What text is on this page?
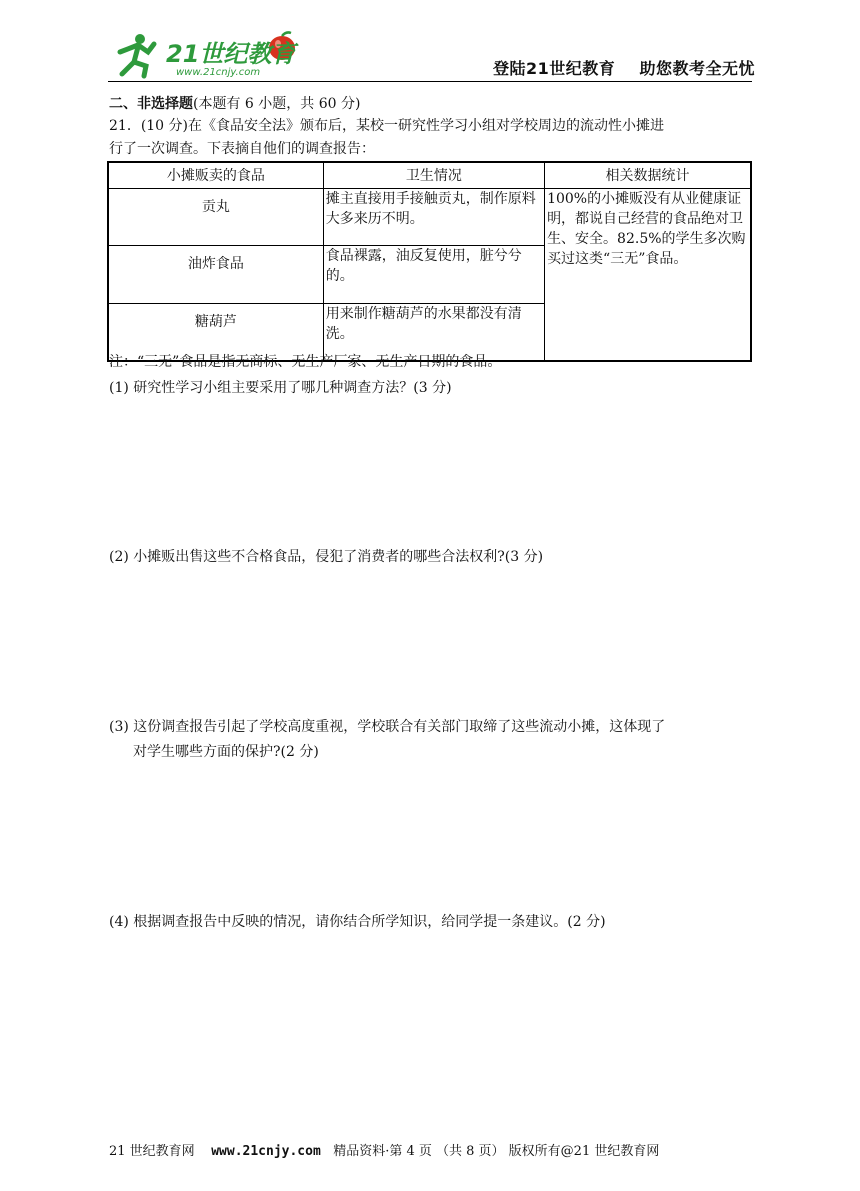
21世纪教育
www.21cnjy.com	登陆21世纪教育    助您教考全无忧
二、非选择题(本题有 6 小题，共 60 分)
21．(10 分)在《食品安全法》颁布后，某校一研究性学习小组对学校周边的流动性小摊进
行了一次调查。下表摘自他们的调查报告：
小摊贩卖的食品	卫生情况	相关数据统计
贡丸	摊主直接用手接触贡丸，制作原料大多来历不明。	100%的小摊贩没有从业健康证明，都说自己经营的食品绝对卫生、安全。82.5%的学生多次购买过这类“三无”食品。
油炸食品	食品裸露，油反复使用，脏兮兮的。	
糖葫芦	用来制作糖葫芦的水果都没有清洗。	
注：“三无”食品是指无商标、无生产厂家、无生产日期的食品。
(1) 研究性学习小组主要采用了哪几种调查方法？(3 分)
(2) 小摊贩出售这些不合格食品，侵犯了消费者的哪些合法权利?(3 分)
(3) 这份调查报告引起了学校高度重视，学校联合有关部门取缔了这些流动小摊，这体现了
对学生哪些方面的保护?(2 分)
(4) 根据调查报告中反映的情况，请你结合所学知识，给同学提一条建议。(2 分)
21 世纪教育网 www.21cnjy.com 精品资料·第 4 页 （共 8 页） 版权所有@21 世纪教育网
